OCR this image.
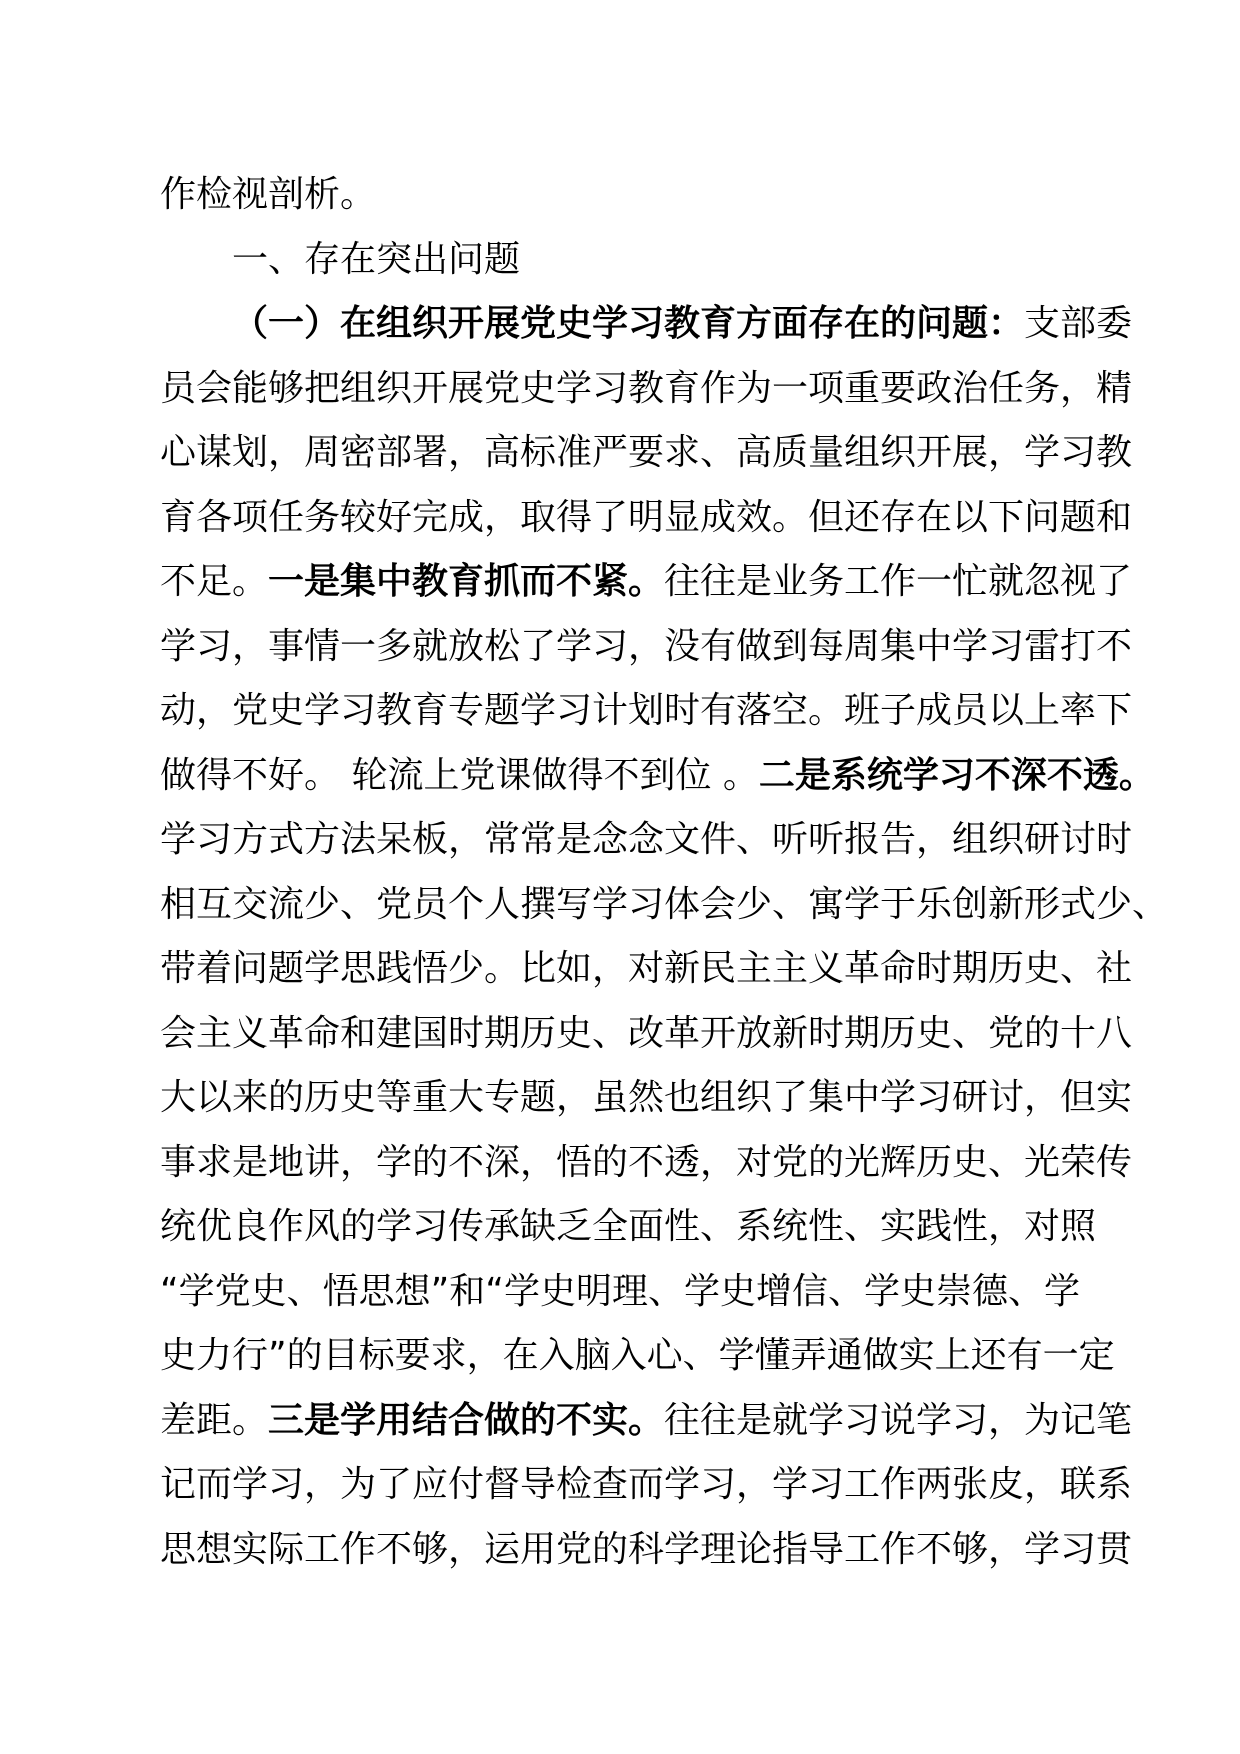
作检视剖析。
一、存在突出问题
（一）在组织开展党史学习教育方面存在的问题：支部委
员会能够把组织开展党史学习教育作为一项重要政治任务，精
心谋划，周密部署，高标准严要求、高质量组织开展，学习教
育各项任务较好完成，取得了明显成效。但还存在以下问题和
不足。一是集中教育抓而不紧。往往是业务工作一忙就忽视了
学习，事情一多就放松了学习，没有做到每周集中学习雷打不
动，党史学习教育专题学习计划时有落空。班子成员以上率下
做得不好。 轮流上党课做得不到位 。二是系统学习不深不透。
学习方式方法呆板，常常是念念文件、听听报告，组织研讨时
相互交流少、党员个人撰写学习体会少、寓学于乐创新形式少、
带着问题学思践悟少。比如，对新民主主义革命时期历史、社
会主义革命和建国时期历史、改革开放新时期历史、党的十八
大以来的历史等重大专题，虽然也组织了集中学习研讨，但实
事求是地讲，学的不深，悟的不透，对党的光辉历史、光荣传
统优良作风的学习传承缺乏全面性、系统性、实践性，对照
“学党史、悟思想”和“学史明理、学史增信、学史崇德、学
史力行”的目标要求，在入脑入心、学懂弄通做实上还有一定
差距。三是学用结合做的不实。往往是就学习说学习，为记笔
记而学习，为了应付督导检查而学习，学习工作两张皮，联系
思想实际工作不够，运用党的科学理论指导工作不够，学习贯
